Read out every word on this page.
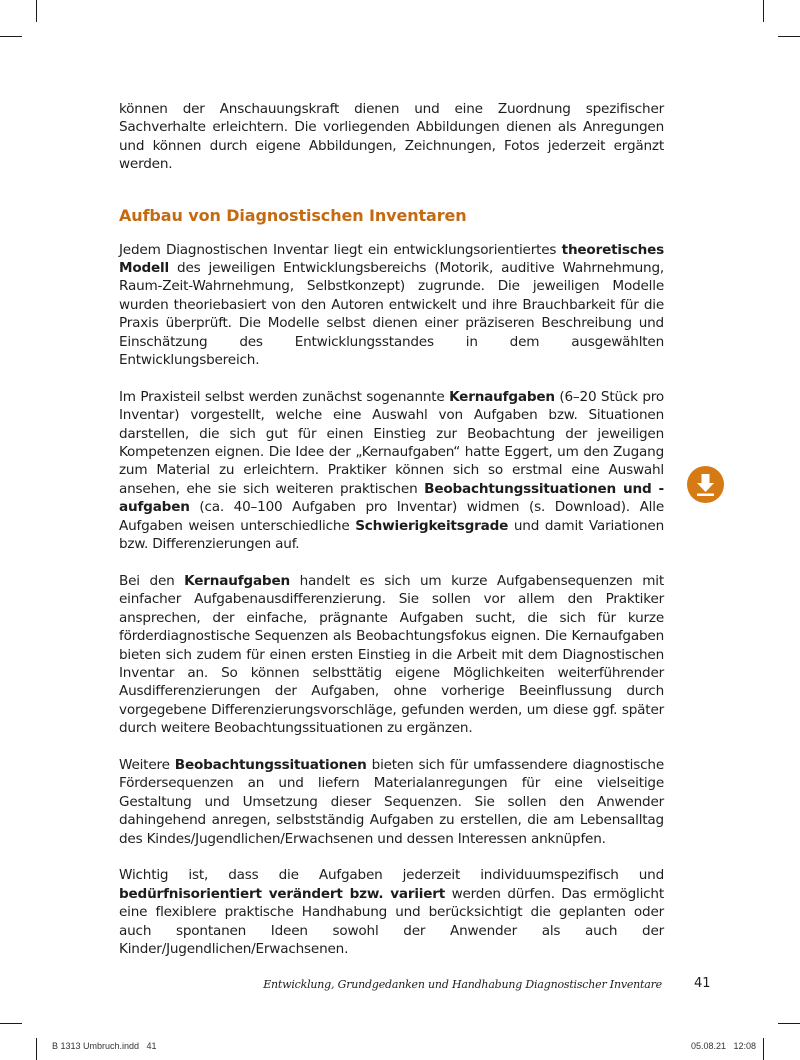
können der Anschauungskraft dienen und eine Zuordnung spezifischer Sachverhalte erleichtern. Die vorliegenden Abbildungen dienen als Anregungen und können durch eigene Abbildungen, Zeichnungen, Fotos jederzeit ergänzt werden.

Aufbau von Diagnostischen Inventaren

Jedem Diagnostischen Inventar liegt ein entwicklungsorientiertes theoretisches Modell des jeweiligen Entwicklungsbereichs (Motorik, auditive Wahrnehmung, Raum-Zeit-Wahrnehmung, Selbstkonzept) zugrunde. Die jeweiligen Modelle wurden theoriebasiert von den Autoren entwickelt und ihre Brauchbarkeit für die Praxis überprüft. Die Modelle selbst dienen einer präziseren Beschreibung und Einschätzung des Entwicklungsstandes in dem ausgewählten Entwicklungsbereich.

Im Praxisteil selbst werden zunächst sogenannte Kernaufgaben (6–20 Stück pro Inventar) vorgestellt, welche eine Auswahl von Aufgaben bzw. Situationen darstellen, die sich gut für einen Einstieg zur Beobachtung der jeweiligen Kompetenzen eignen. Die Idee der „Kernaufgaben“ hatte Eggert, um den Zugang zum Material zu erleichtern. Praktiker können sich so erstmal eine Auswahl ansehen, ehe sie sich weiteren praktischen Beobachtungssituationen und -aufgaben (ca. 40–100 Aufgaben pro Inventar) widmen (s. Download). Alle Aufgaben weisen unterschiedliche Schwierigkeitsgrade und damit Variationen bzw. Differenzierungen auf.

Bei den Kernaufgaben handelt es sich um kurze Aufgabensequenzen mit einfacher Aufgabenausdifferenzierung. Sie sollen vor allem den Praktiker ansprechen, der einfache, prägnante Aufgaben sucht, die sich für kurze förderdiagnostische Sequenzen als Beobachtungsfokus eignen. Die Kernaufgaben bieten sich zudem für einen ersten Einstieg in die Arbeit mit dem Diagnostischen Inventar an. So können selbsttätig eigene Möglichkeiten weiterführender Ausdifferenzierungen der Aufgaben, ohne vorherige Beeinflussung durch vorgegebene Differenzierungsvorschläge, gefunden werden, um diese ggf. später durch weitere Beobachtungssituationen zu ergänzen.

Weitere Beobachtungssituationen bieten sich für umfassendere diagnostische Fördersequenzen an und liefern Materialanregungen für eine vielseitige Gestaltung und Umsetzung dieser Sequenzen. Sie sollen den Anwender dahingehend anregen, selbstständig Aufgaben zu erstellen, die am Lebensalltag des Kindes/Jugendlichen/Erwachsenen und dessen Interessen anknüpfen.

Wichtig ist, dass die Aufgaben jederzeit individuumspezifisch und bedürfnisorientiert verändert bzw. variiert werden dürfen. Das ermöglicht eine flexiblere praktische Handhabung und berücksichtigt die geplanten oder auch spontanen Ideen sowohl der Anwender als auch der Kinder/Jugendlichen/Erwachsenen.

Entwicklung, Grundgedanken und Handhabung Diagnostischer Inventare 41
B 1313 Umbruch.indd   41	05.08.21   12:08
